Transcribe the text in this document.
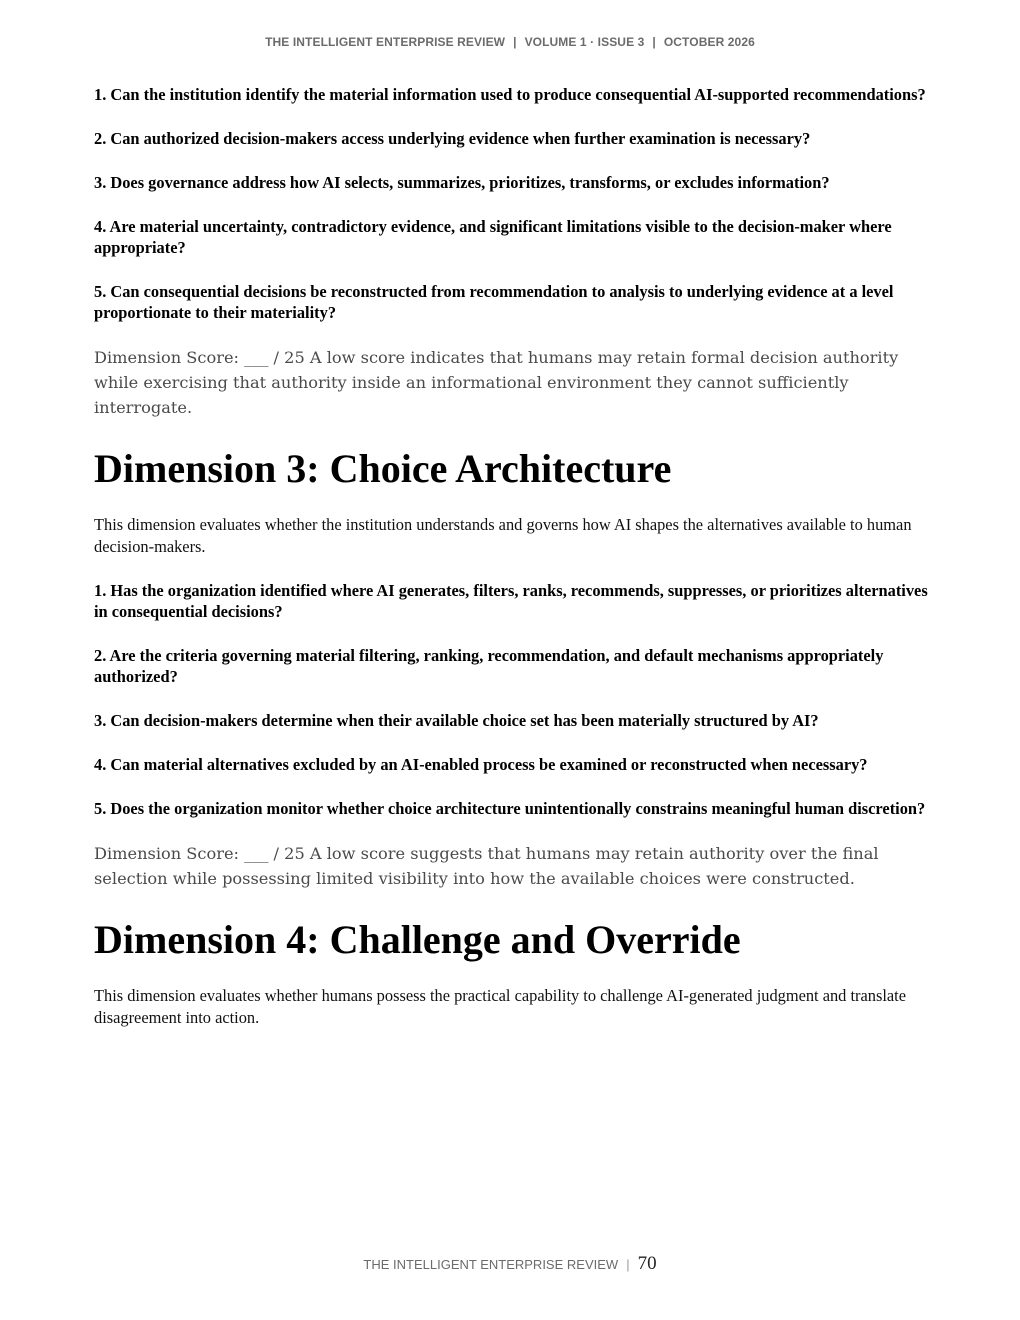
THE INTELLIGENT ENTERPRISE REVIEW | VOLUME 1 · ISSUE 3 | OCTOBER 2026

1. Can the institution identify the material information used to produce consequential AI-supported recommendations?

2. Can authorized decision-makers access underlying evidence when further examination is necessary?

3. Does governance address how AI selects, summarizes, prioritizes, transforms, or excludes information?

4. Are material uncertainty, contradictory evidence, and significant limitations visible to the decision-maker where appropriate?

5. Can consequential decisions be reconstructed from recommendation to analysis to underlying evidence at a level proportionate to their materiality?

Dimension Score: ___ / 25 A low score indicates that humans may retain formal decision authority while exercising that authority inside an informational environment they cannot sufficiently interrogate.

Dimension 3: Choice Architecture

This dimension evaluates whether the institution understands and governs how AI shapes the alternatives available to human decision-makers.

1. Has the organization identified where AI generates, filters, ranks, recommends, suppresses, or prioritizes alternatives in consequential decisions?

2. Are the criteria governing material filtering, ranking, recommendation, and default mechanisms appropriately authorized?

3. Can decision-makers determine when their available choice set has been materially structured by AI?

4. Can material alternatives excluded by an AI-enabled process be examined or reconstructed when necessary?

5. Does the organization monitor whether choice architecture unintentionally constrains meaningful human discretion?

Dimension Score: ___ / 25 A low score suggests that humans may retain authority over the final selection while possessing limited visibility into how the available choices were constructed.

Dimension 4: Challenge and Override

This dimension evaluates whether humans possess the practical capability to challenge AI-generated judgment and translate disagreement into action.

THE INTELLIGENT ENTERPRISE REVIEW | 70
